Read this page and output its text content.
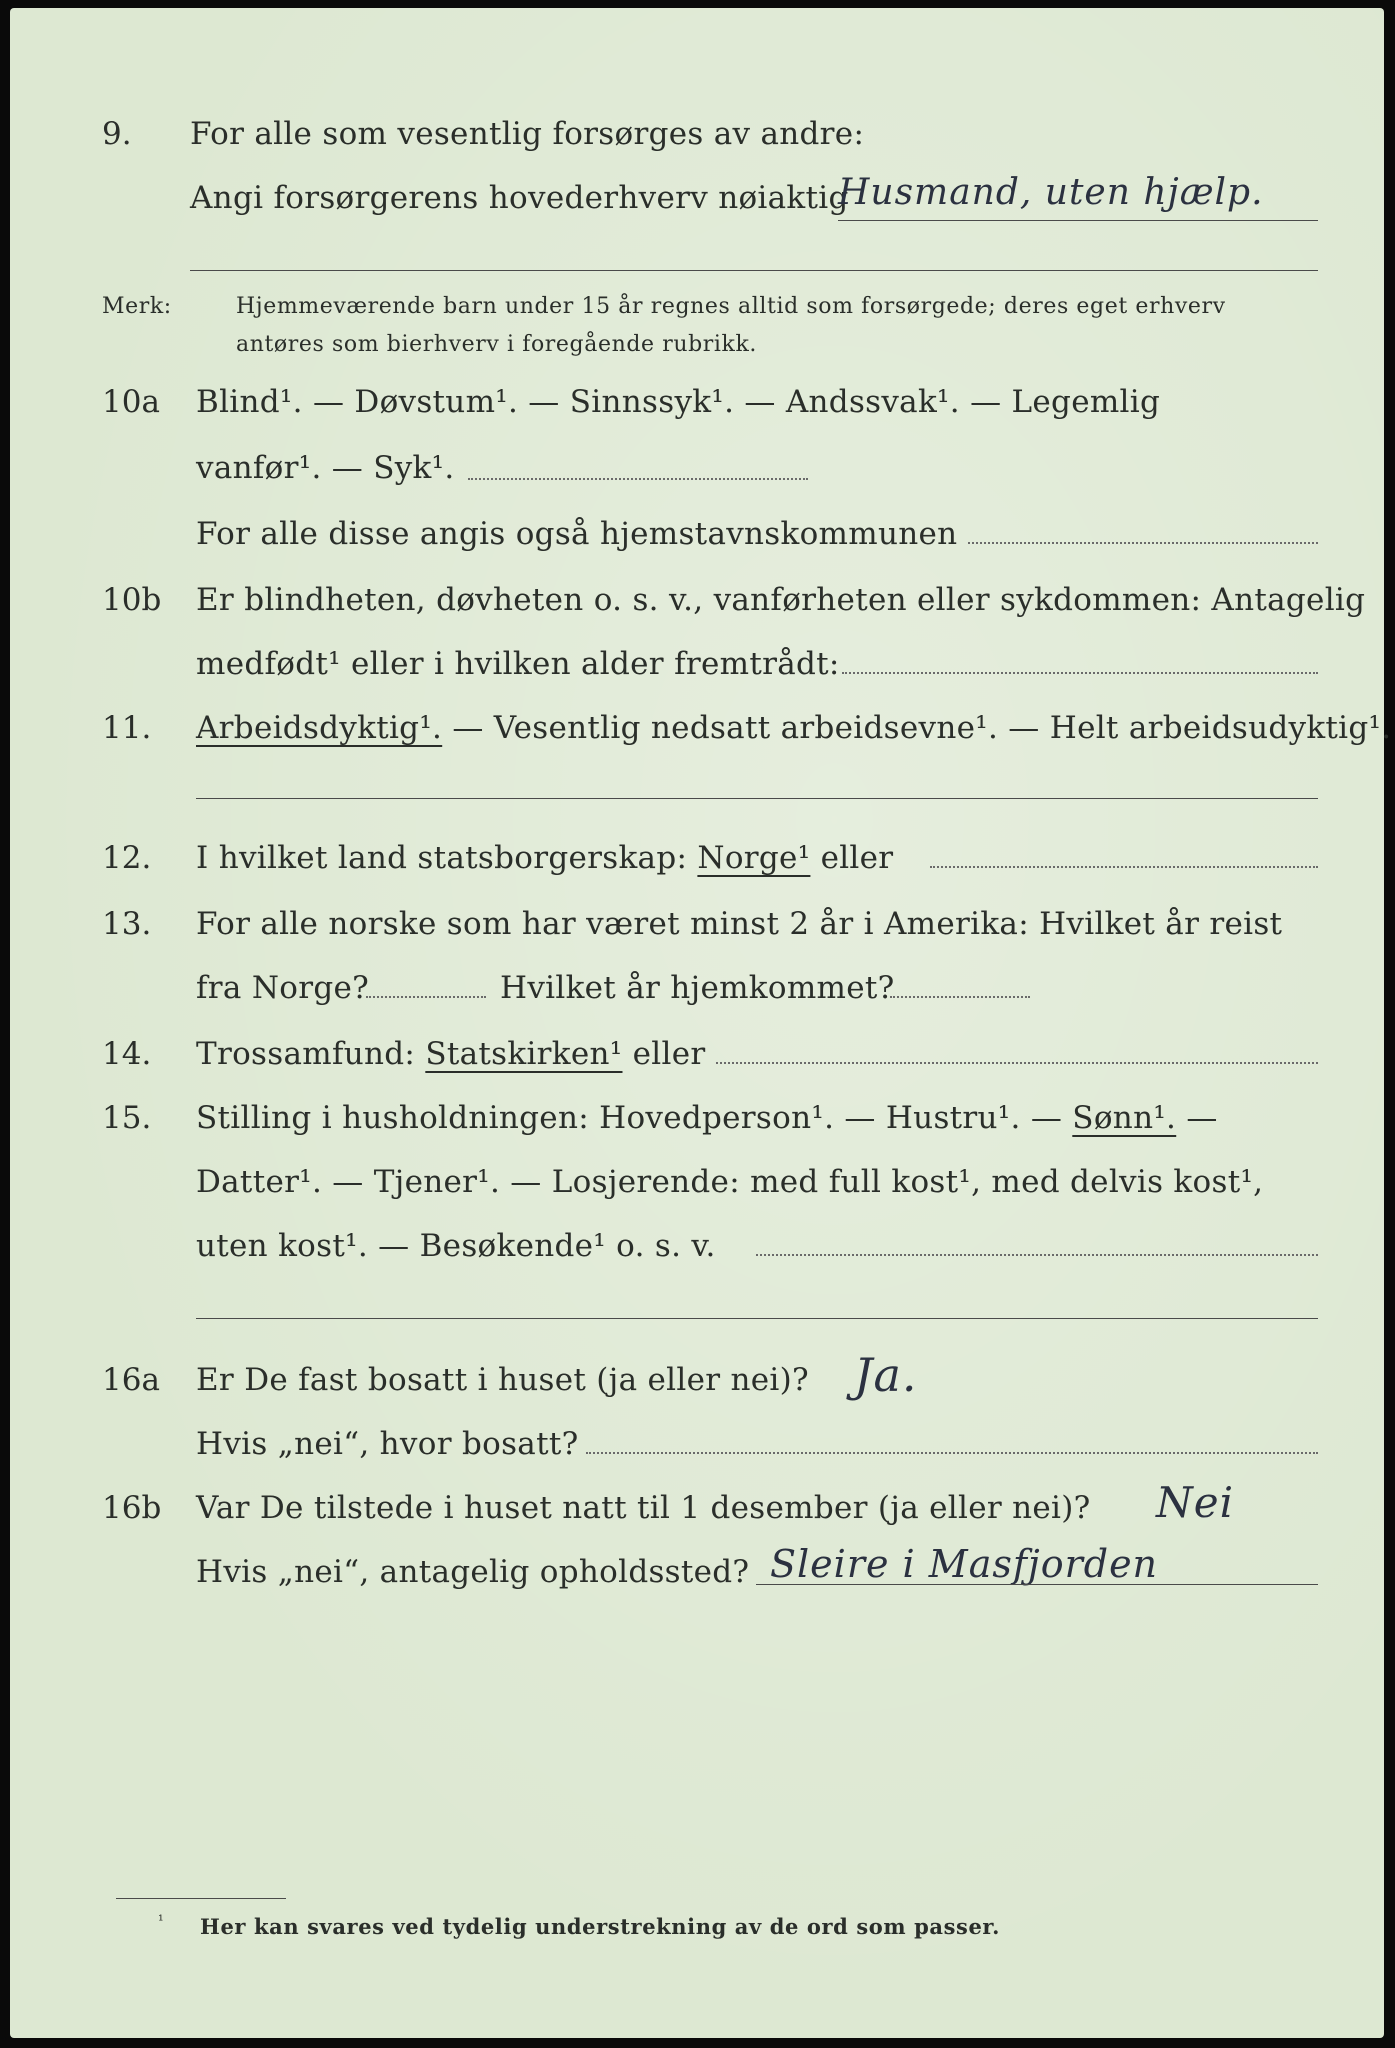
9. For alle som vesentlig forsørges av andre:
Angi forsørgerens hovederhverv nøiaktig
Husmand, uten hjælp.
Merk:	Hjemmeværende barn under 15 år regnes alltid som forsørgede; deres eget erhverv
antøres som bierhverv i foregående rubrikk.
10a Blind¹. — Døvstum¹. — Sinnssyk¹. — Andssvak¹. — Legemlig
vanfør¹. — Syk¹.
For alle disse angis også hjemstavnskommunen
10b Er blindheten, døvheten o. s. v., vanførheten eller sykdommen: Antagelig
medfødt¹ eller i hvilken alder fremtrådt:
11. Arbeidsdyktig¹. — Vesentlig nedsatt arbeidsevne¹. — Helt arbeidsudyktig¹.
12. I hvilket land statsborgerskap: Norge¹ eller
13. For alle norske som har været minst 2 år i Amerika: Hvilket år reist
fra Norge?	Hvilket år hjemkommet?
14. Trossamfund: Statskirken¹ eller
15. Stilling i husholdningen: Hovedperson¹. — Hustru¹. — Sønn¹. —
Datter¹. — Tjener¹. — Losjerende: med full kost¹, med delvis kost¹,
uten kost¹. — Besøkende¹ o. s. v.
16a Er De fast bosatt i huset (ja eller nei)? Ja.
Hvis „nei“, hvor bosatt?
16b Var De tilstede i huset natt til 1 desember (ja eller nei)? Nei
Hvis „nei“, antagelig opholdssted? Sleire i Masfjorden
¹ Her kan svares ved tydelig understrekning av de ord som passer.
